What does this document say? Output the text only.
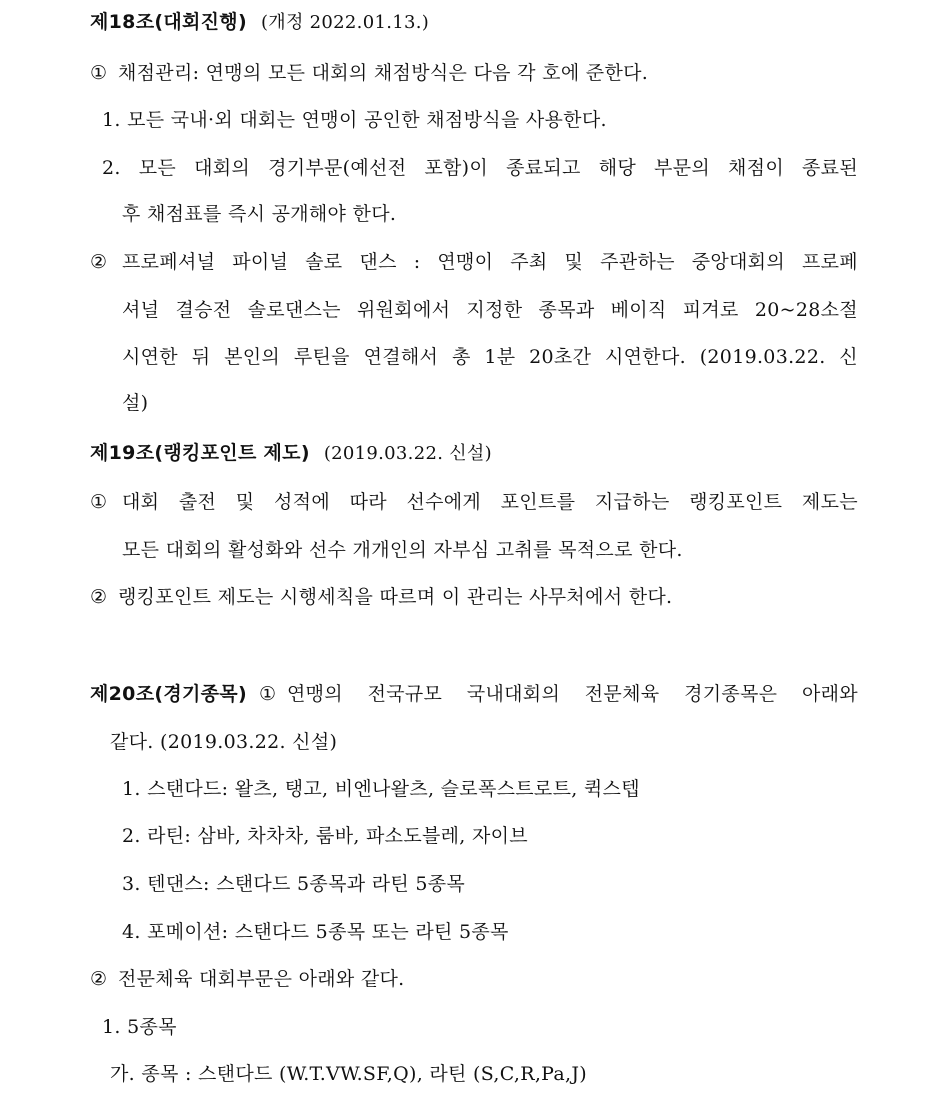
제18조(대회진행) (개정 2022.01.13.)
① 채점관리: 연맹의 모든 대회의 채점방식은 다음 각 호에 준한다.
1. 모든 국내·외 대회는 연맹이 공인한 채점방식을 사용한다.
2. 모든 대회의 경기부문(예선전 포함)이 종료되고 해당 부문의 채점이 종료된
후 채점표를 즉시 공개해야 한다.
② 프로페셔널 파이널 솔로 댄스 : 연맹이 주최 및 주관하는 중앙대회의 프로페
셔널 결승전 솔로댄스는 위원회에서 지정한 종목과 베이직 피겨로 20~28소절
시연한 뒤 본인의 루틴을 연결해서 총 1분 20초간 시연한다. (2019.03.22. 신
설)
제19조(랭킹포인트 제도) (2019.03.22. 신설)
① 대회 출전 및 성적에 따라 선수에게 포인트를 지급하는 랭킹포인트 제도는
모든 대회의 활성화와 선수 개개인의 자부심 고취를 목적으로 한다.
② 랭킹포인트 제도는 시행세칙을 따르며 이 관리는 사무처에서 한다.
제20조(경기종목) ① 연맹의 전국규모 국내대회의 전문체육 경기종목은 아래와
같다. (2019.03.22. 신설)
1. 스탠다드: 왈츠, 탱고, 비엔나왈츠, 슬로폭스트로트, 퀵스텝
2. 라틴: 삼바, 차차차, 룸바, 파소도블레, 자이브
3. 텐댄스: 스탠다드 5종목과 라틴 5종목
4. 포메이션: 스탠다드 5종목 또는 라틴 5종목
② 전문체육 대회부문은 아래와 같다.
1. 5종목
가. 종목 : 스탠다드 (W.T.VW.SF,Q), 라틴 (S,C,R,Pa,J)
